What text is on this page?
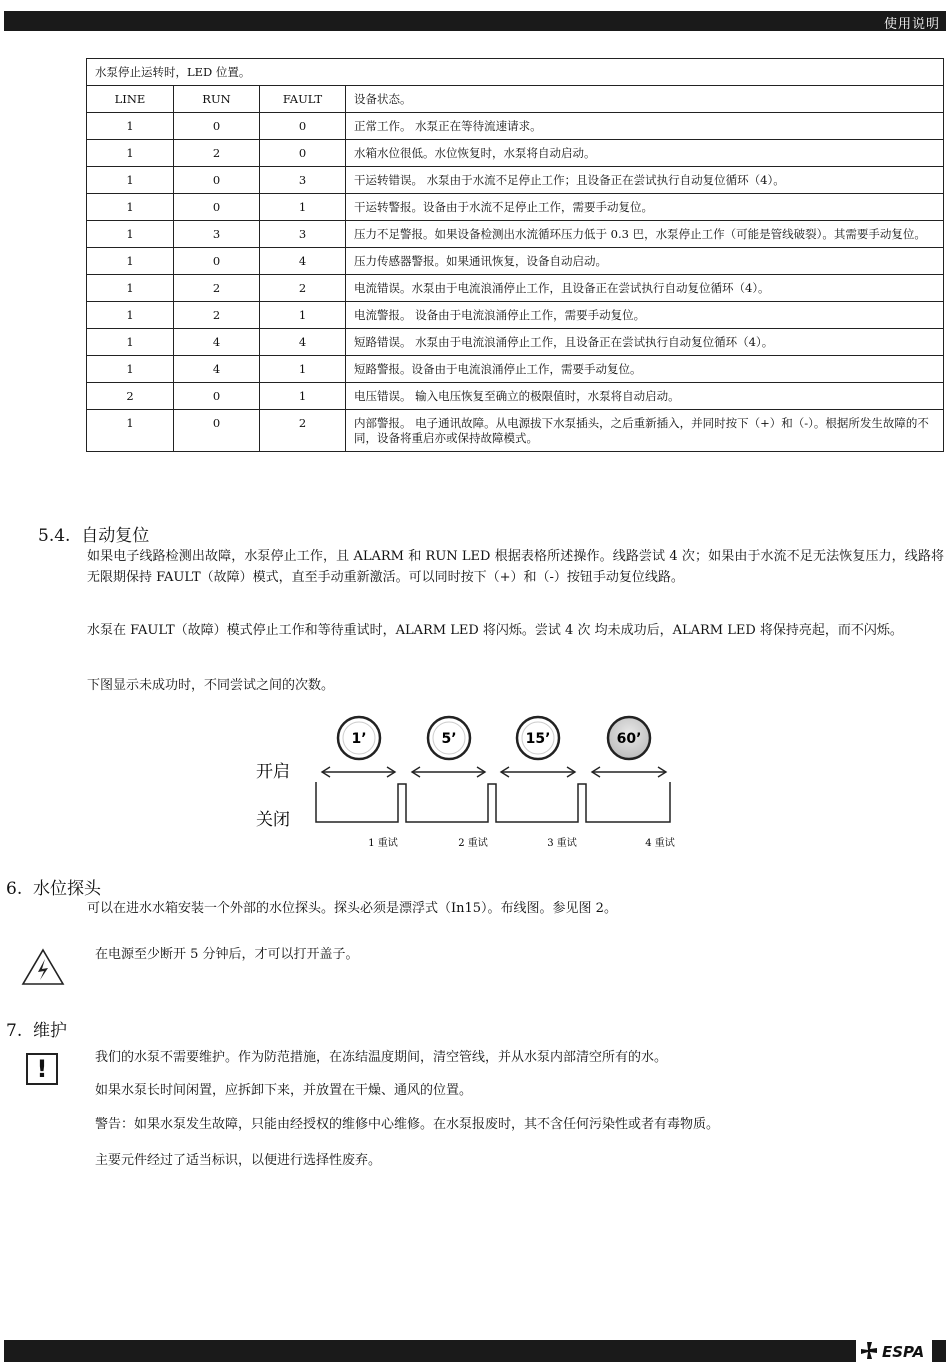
使用说明
水泵停止运转时，LED 位置。			
LINE	RUN	FAULT	设备状态。
1	0	0	正常工作。 水泵正在等待流速请求。
1	2	0	水箱水位很低。水位恢复时，水泵将自动启动。
1	0	3	干运转错误。 水泵由于水流不足停止工作；且设备正在尝试执行自动复位循环（4）。
1	0	1	干运转警报。设备由于水流不足停止工作，需要手动复位。
1	3	3	压力不足警报。如果设备检测出水流循环压力低于 0.3 巴，水泵停止工作（可能是管线破裂）。其需要手动复位。
1	0	4	压力传感器警报。如果通讯恢复，设备自动启动。
1	2	2	电流错误。水泵由于电流浪涌停止工作，且设备正在尝试执行自动复位循环（4）。
1	2	1	电流警报。 设备由于电流浪涌停止工作，需要手动复位。
1	4	4	短路错误。 水泵由于电流浪涌停止工作，且设备正在尝试执行自动复位循环（4）。
1	4	1	短路警报。设备由于电流浪涌停止工作，需要手动复位。
2	0	1	电压错误。 输入电压恢复至确立的极限值时，水泵将自动启动。
1	0	2	内部警报。 电子通讯故障。从电源拔下水泵插头，之后重新插入，并同时按下（+）和（-）。根据所发生故障的不同，设备将重启亦或保持故障模式。
5.4. 自动复位
如果电子线路检测出故障，水泵停止工作，且 ALARM 和 RUN LED 根据表格所述操作。线路尝试 4 次；如果由于水流不足无法恢复压力，线路将无限期保持 FAULT（故障）模式，直至手动重新激活。可以同时按下（+）和（-）按钮手动复位线路。
水泵在 FAULT（故障）模式停止工作和等待重试时，ALARM LED 将闪烁。尝试 4 次 均未成功后，ALARM LED 将保持亮起，而不闪烁。
下图显示未成功时，不同尝试之间的次数。
开启
关闭
1’	5’	15’	60’
1 重试	2 重试	3 重试	4 重试
6. 水位探头
可以在进水水箱安装一个外部的水位探头。探头必须是漂浮式（In15）。布线图。参见图 2。
在电源至少断开 5 分钟后，才可以打开盖子。
7. 维护
!	我们的水泵不需要维护。作为防范措施，在冻结温度期间，清空管线，并从水泵内部清空所有的水。
如果水泵长时间闲置，应拆卸下来，并放置在干燥、通风的位置。
警告：如果水泵发生故障，只能由经授权的维修中心维修。在水泵报废时，其不含任何污染性或者有毒物质。
主要元件经过了适当标识，以便进行选择性废弃。
ESPA
